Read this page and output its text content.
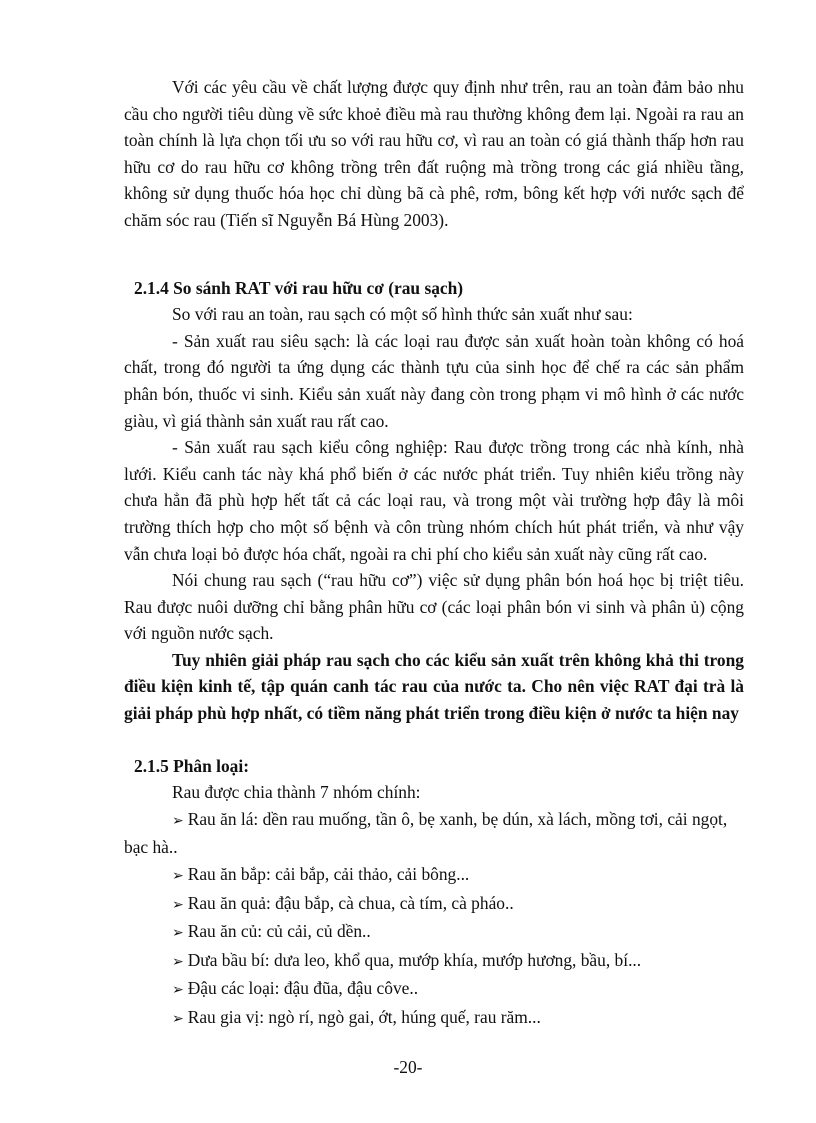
Với các yêu cầu về chất lượng được quy định như trên, rau an toàn đảm bảo nhu cầu cho người tiêu dùng về sức khoẻ điều mà rau thường không đem lại. Ngoài ra rau an toàn chính là lựa chọn tối ưu so với rau hữu cơ, vì rau an toàn có giá thành thấp hơn rau hữu cơ do rau hữu cơ không trồng trên đất ruộng mà trồng trong các giá nhiều tầng, không sử dụng thuốc hóa học chỉ dùng bã cà phê, rơm, bông kết hợp với nước sạch để chăm sóc rau (Tiến sĩ Nguyễn Bá Hùng 2003).

2.1.4 So sánh RAT với rau hữu cơ (rau sạch)

So với rau an toàn, rau sạch có một số hình thức sản xuất như sau:

- Sản xuất rau siêu sạch: là các loại rau được sản xuất hoàn toàn không có hoá chất, trong đó người ta ứng dụng các thành tựu của sinh học để chế ra các sản phẩm phân bón, thuốc vi sinh. Kiểu sản xuất này đang còn trong phạm vi mô hình ở các nước giàu, vì giá thành sản xuất rau rất cao.

- Sản xuất rau sạch kiểu công nghiệp: Rau được trồng trong các nhà kính, nhà lưới. Kiểu canh tác này khá phổ biến ở các nước phát triển. Tuy nhiên kiểu trồng này chưa hẳn đã phù hợp hết tất cả các loại rau, và trong một vài trường hợp đây là môi trường thích hợp cho một số bệnh và côn trùng nhóm chích hút phát triển, và như vậy vẫn chưa loại bỏ được hóa chất, ngoài ra chi phí cho kiểu sản xuất này cũng rất cao.

Nói chung rau sạch (“rau hữu cơ”) việc sử dụng phân bón hoá học bị triệt tiêu. Rau được nuôi dưỡng chỉ bằng phân hữu cơ (các loại phân bón vi sinh và phân ủ) cộng với nguồn nước sạch.

Tuy nhiên giải pháp rau sạch cho các kiểu sản xuất trên không khả thi trong điều kiện kinh tế, tập quán canh tác rau của nước ta. Cho nên việc RAT đại trà là giải pháp phù hợp nhất, có tiềm năng phát triển trong điều kiện ở nước ta hiện nay

2.1.5 Phân loại:

Rau được chia thành 7 nhóm chính:

➢ Rau ăn lá: dền rau muống, tần ô, bẹ xanh, bẹ dún, xà lách, mồng tơi, cải ngọt, bạc hà..
➢ Rau ăn bắp: cải bắp, cải thảo, cải bông...
➢ Rau ăn quả: đậu bắp, cà chua, cà tím, cà pháo..
➢ Rau ăn củ: củ cải, củ dền..
➢ Dưa bầu bí: dưa leo, khổ qua, mướp khía, mướp hương, bầu, bí...
➢ Đậu các loại: đậu đũa, đậu côve..
➢ Rau gia vị: ngò rí, ngò gai, ớt, húng quế, rau răm...
-20-
